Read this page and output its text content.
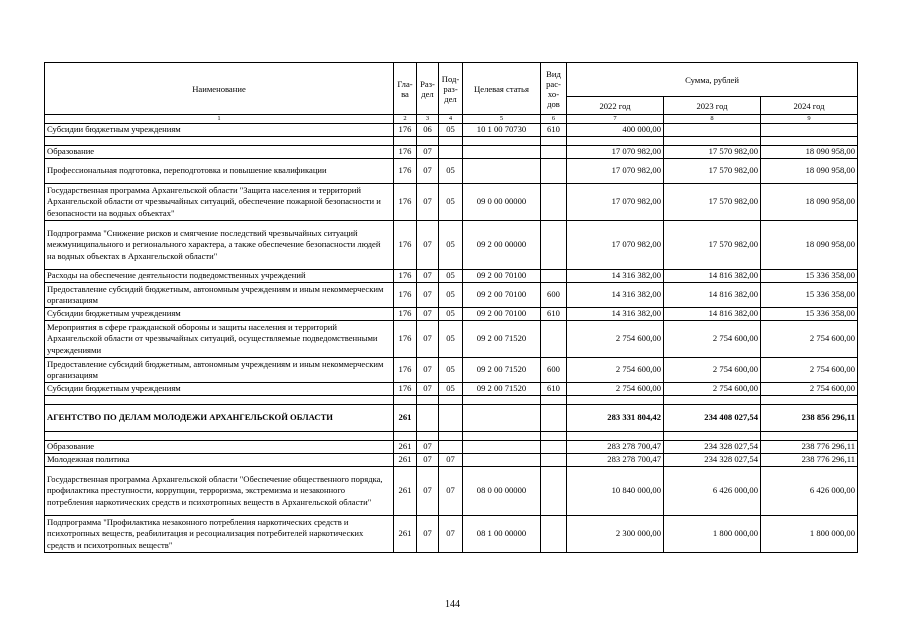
Наименование	Гла-ва	Раз-дел	Под-раз-дел	Целевая статья	Вид рас-хо-дов	Сумма, рублей		
						2022 год	2023 год	2024 год
1	2	3	4	5	6	7	8	9
Субсидии бюджетным учреждениям	176	06	05	10 1 00 70730	610	400 000,00		

Образование	176	07				17 070 982,00	17 570 982,00	18 090 958,00
Профессиональная подготовка, переподготовка и повышение квалификации	176	07	05			17 070 982,00	17 570 982,00	18 090 958,00
Государственная программа Архангельской области "Защита населения и территорий Архангельской области от чрезвычайных ситуаций, обеспечение пожарной безопасности и безопасности на водных объектах"	176	07	05	09 0 00 00000		17 070 982,00	17 570 982,00	18 090 958,00
Подпрограмма "Снижение рисков и смягчение последствий чрезвычайных ситуаций межмуниципального и регионального характера, а также обеспечение безопасности людей на водных объектах в Архангельской области"	176	07	05	09 2 00 00000		17 070 982,00	17 570 982,00	18 090 958,00
Расходы на обеспечение деятельности подведомственных учреждений	176	07	05	09 2 00 70100		14 316 382,00	14 816 382,00	15 336 358,00
Предоставление субсидий бюджетным, автономным учреждениям и иным некоммерческим организациям	176	07	05	09 2 00 70100	600	14 316 382,00	14 816 382,00	15 336 358,00
Субсидии бюджетным учреждениям	176	07	05	09 2 00 70100	610	14 316 382,00	14 816 382,00	15 336 358,00
Мероприятия в сфере гражданской обороны и защиты населения и территорий Архангельской области от чрезвычайных ситуаций, осуществляемые подведомственными учреждениями	176	07	05	09 2 00 71520		2 754 600,00	2 754 600,00	2 754 600,00
Предоставление субсидий бюджетным, автономным учреждениям и иным некоммерческим организациям	176	07	05	09 2 00 71520	600	2 754 600,00	2 754 600,00	2 754 600,00
Субсидии бюджетным учреждениям	176	07	05	09 2 00 71520	610	2 754 600,00	2 754 600,00	2 754 600,00

АГЕНТСТВО ПО ДЕЛАМ МОЛОДЕЖИ АРХАНГЕЛЬСКОЙ ОБЛАСТИ	261					283 331 804,42	234 408 027,54	238 856 296,11

Образование	261	07				283 278 700,47	234 328 027,54	238 776 296,11
Молодежная политика	261	07	07			283 278 700,47	234 328 027,54	238 776 296,11
Государственная программа Архангельской области "Обеспечение общественного порядка, профилактика преступности, коррупции, терроризма, экстремизма и незаконного потребления наркотических средств и психотропных веществ в Архангельской области"	261	07	07	08 0 00 00000		10 840 000,00	6 426 000,00	6 426 000,00
Подпрограмма "Профилактика незаконного потребления наркотических средств и психотропных веществ, реабилитация и ресоциализация потребителей наркотических средств и психотропных веществ"	261	07	07	08 1 00 00000		2 300 000,00	1 800 000,00	1 800 000,00
144
